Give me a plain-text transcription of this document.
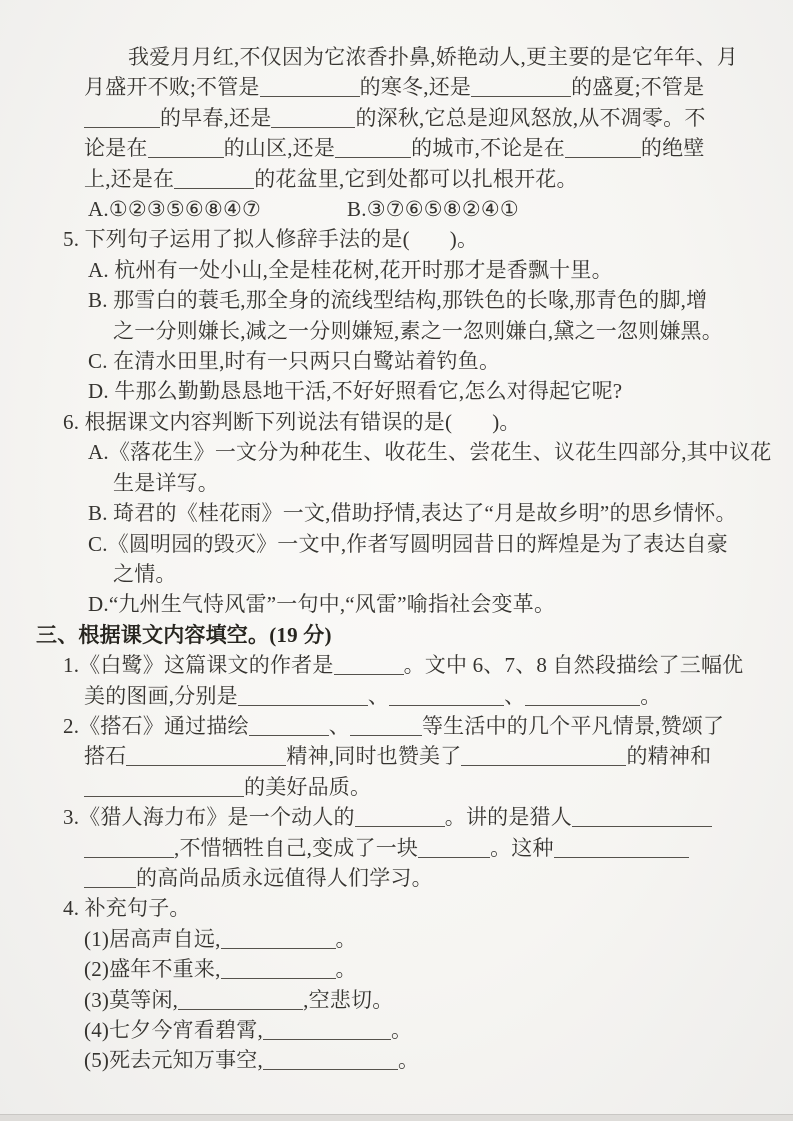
我爱月月红,不仅因为它浓香扑鼻,娇艳动人,更主要的是它年年、月
月盛开不败;不管是	的寒冬,还是	的盛夏;不管是
的早春,还是	的深秋,它总是迎风怒放,从不凋零。不
论是在	的山区,还是	的城市,不论是在	的绝壁
上,还是在	的花盆里,它到处都可以扎根开花。
A.①②③⑤⑥⑧④⑦	B.③⑦⑥⑤⑧②④①
5. 下列句子运用了拟人修辞手法的是( )。
A. 杭州有一处小山,全是桂花树,花开时那才是香飘十里。
B. 那雪白的蓑毛,那全身的流线型结构,那铁色的长喙,那青色的脚,增
之一分则嫌长,减之一分则嫌短,素之一忽则嫌白,黛之一忽则嫌黑。
C. 在清水田里,时有一只两只白鹭站着钓鱼。
D. 牛那么勤勤恳恳地干活,不好好照看它,怎么对得起它呢?
6. 根据课文内容判断下列说法有错误的是( )。
A.《落花生》一文分为种花生、收花生、尝花生、议花生四部分,其中议花
生是详写。
B. 琦君的《桂花雨》一文,借助抒情,表达了“月是故乡明”的思乡情怀。
C.《圆明园的毁灭》一文中,作者写圆明园昔日的辉煌是为了表达自豪
之情。
D.“九州生气恃风雷”一句中,“风雷”喻指社会变革。
三、根据课文内容填空。(19 分)
1.《白鹭》这篇课文的作者是	。文中 6、7、8 自然段描绘了三幅优
美的图画,分别是	、	、	。
2.《搭石》通过描绘	、	等生活中的几个平凡情景,赞颂了
搭石	精神,同时也赞美了	的精神和
的美好品质。
3.《猎人海力布》是一个动人的	。讲的是猎人
,不惜牺牲自己,变成了一块	。这种
的高尚品质永远值得人们学习。
4. 补充句子。
(1)居高声自远,	。
(2)盛年不重来,	。
(3)莫等闲,	,空悲切。
(4)七夕今宵看碧霄,	。
(5)死去元知万事空,	。
